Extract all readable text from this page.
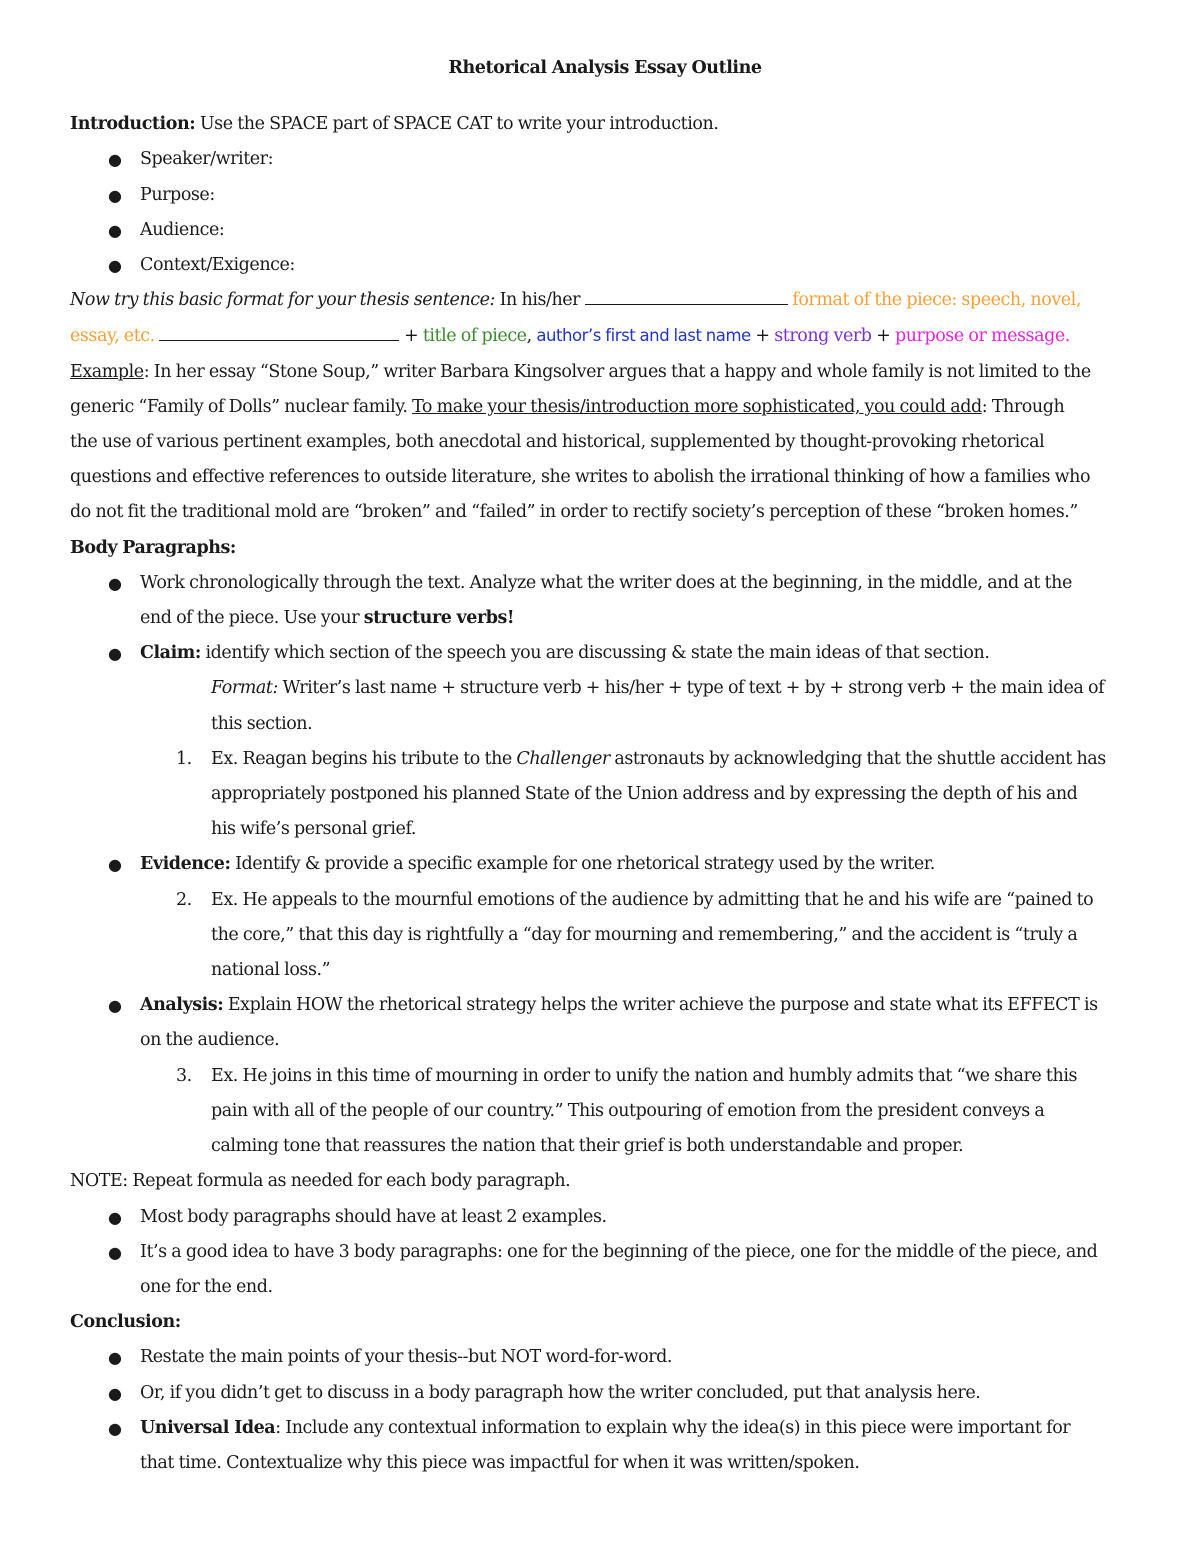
Rhetorical Analysis Essay Outline

Introduction: Use the SPACE part of SPACE CAT to write your introduction.

● Speaker/writer:

● Purpose:

● Audience:

● Context/Exigence:

Now try this basic format for your thesis sentence: In his/her	format of the piece: speech, novel,

essay, etc.	+ title of piece, author’s first and last name + strong verb + purpose or message.

Example: In her essay “Stone Soup,” writer Barbara Kingsolver argues that a happy and whole family is not limited to the

generic “Family of Dolls” nuclear family. To make your thesis/introduction more sophisticated, you could add: Through

the use of various pertinent examples, both anecdotal and historical, supplemented by thought-provoking rhetorical

questions and effective references to outside literature, she writes to abolish the irrational thinking of how a families who

do not fit the traditional mold are “broken” and “failed” in order to rectify society’s perception of these “broken homes.”

Body Paragraphs:

● Work chronologically through the text. Analyze what the writer does at the beginning, in the middle, and at the

end of the piece. Use your structure verbs!

● Claim: identify which section of the speech you are discussing & state the main ideas of that section.

Format: Writer’s last name + structure verb + his/her + type of text + by + strong verb + the main idea of

this section.

1. Ex. Reagan begins his tribute to the Challenger astronauts by acknowledging that the shuttle accident has

appropriately postponed his planned State of the Union address and by expressing the depth of his and

his wife’s personal grief.

● Evidence: Identify & provide a specific example for one rhetorical strategy used by the writer.

2. Ex. He appeals to the mournful emotions of the audience by admitting that he and his wife are “pained to

the core,” that this day is rightfully a “day for mourning and remembering,” and the accident is “truly a

national loss.”

● Analysis: Explain HOW the rhetorical strategy helps the writer achieve the purpose and state what its EFFECT is

on the audience.

3. Ex. He joins in this time of mourning in order to unify the nation and humbly admits that “we share this

pain with all of the people of our country.” This outpouring of emotion from the president conveys a

calming tone that reassures the nation that their grief is both understandable and proper.

NOTE: Repeat formula as needed for each body paragraph.

● Most body paragraphs should have at least 2 examples.

● It’s a good idea to have 3 body paragraphs: one for the beginning of the piece, one for the middle of the piece, and

one for the end.

Conclusion:

● Restate the main points of your thesis--but NOT word-for-word.

● Or, if you didn’t get to discuss in a body paragraph how the writer concluded, put that analysis here.

● Universal Idea: Include any contextual information to explain why the idea(s) in this piece were important for

that time. Contextualize why this piece was impactful for when it was written/spoken.
